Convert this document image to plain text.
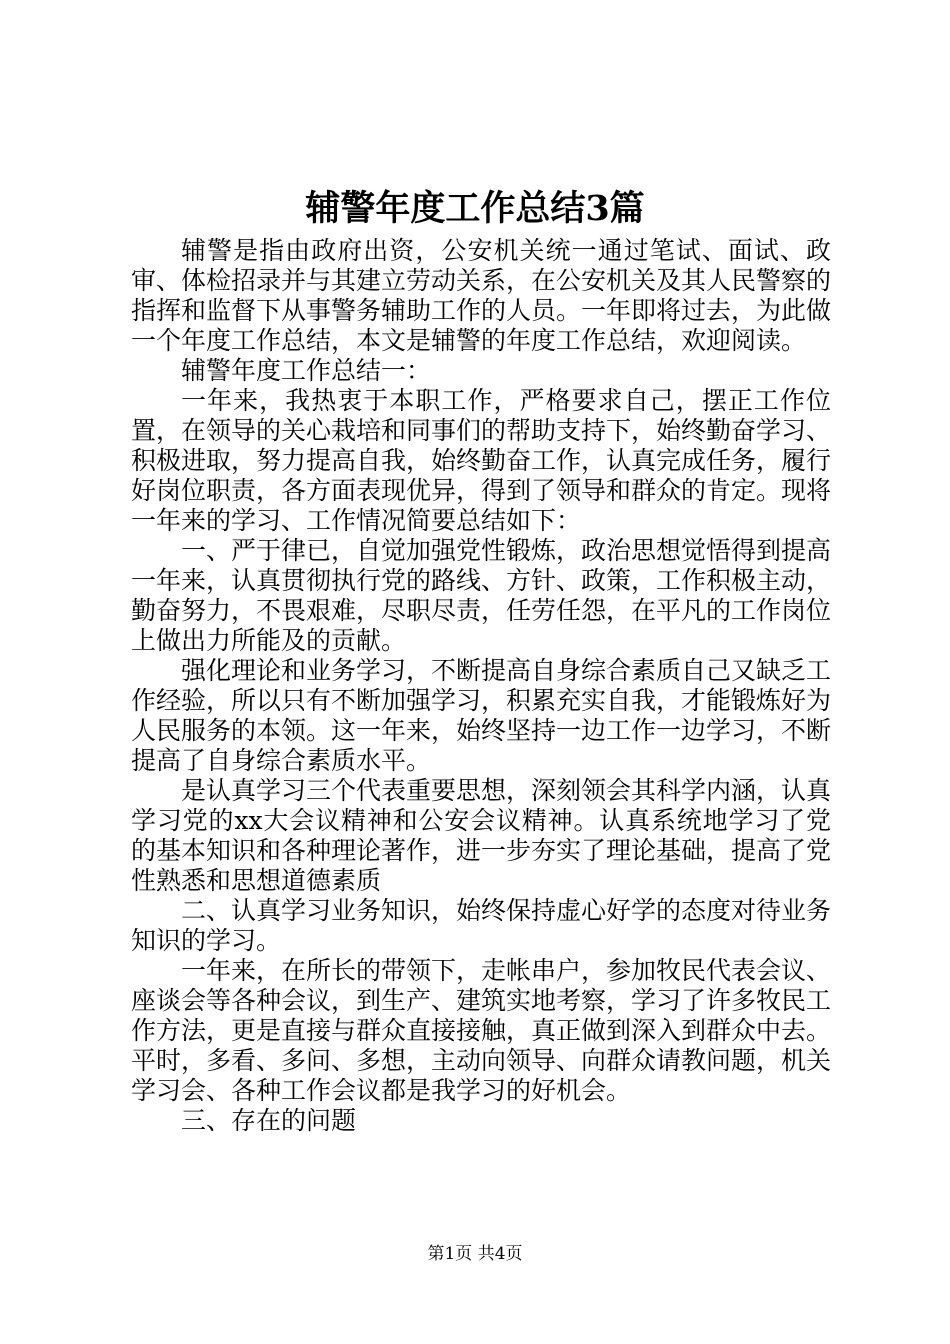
辅警年度工作总结3篇

辅警是指由政府出资，公安机关统一通过笔试、面试、政审、体检招录并与其建立劳动关系，在公安机关及其人民警察的指挥和监督下从事警务辅助工作的人员。一年即将过去，为此做一个年度工作总结，本文是辅警的年度工作总结，欢迎阅读。

辅警年度工作总结一：

一年来，我热衷于本职工作，严格要求自己，摆正工作位置，在领导的关心栽培和同事们的帮助支持下，始终勤奋学习、积极进取，努力提高自我，始终勤奋工作，认真完成任务，履行好岗位职责，各方面表现优异，得到了领导和群众的肯定。现将一年来的学习、工作情况简要总结如下：

一、严于律已，自觉加强党性锻炼，政治思想觉悟得到提高一年来，认真贯彻执行党的路线、方针、政策，工作积极主动，勤奋努力，不畏艰难，尽职尽责，任劳任怨，在平凡的工作岗位上做出力所能及的贡献。

强化理论和业务学习，不断提高自身综合素质自己又缺乏工作经验，所以只有不断加强学习，积累充实自我，才能锻炼好为人民服务的本领。这一年来，始终坚持一边工作一边学习，不断提高了自身综合素质水平。

是认真学习三个代表重要思想，深刻领会其科学内涵，认真学习党的xx大会议精神和公安会议精神。认真系统地学习了党的基本知识和各种理论著作，进一步夯实了理论基础，提高了党性熟悉和思想道德素质

二、认真学习业务知识，始终保持虚心好学的态度对待业务知识的学习。

一年来，在所长的带领下，走帐串户，参加牧民代表会议、座谈会等各种会议，到生产、建筑实地考察，学习了许多牧民工作方法，更是直接与群众直接接触，真正做到深入到群众中去。平时，多看、多问、多想，主动向领导、向群众请教问题，机关学习会、各种工作会议都是我学习的好机会。

三、存在的问题

第1页 共4页
